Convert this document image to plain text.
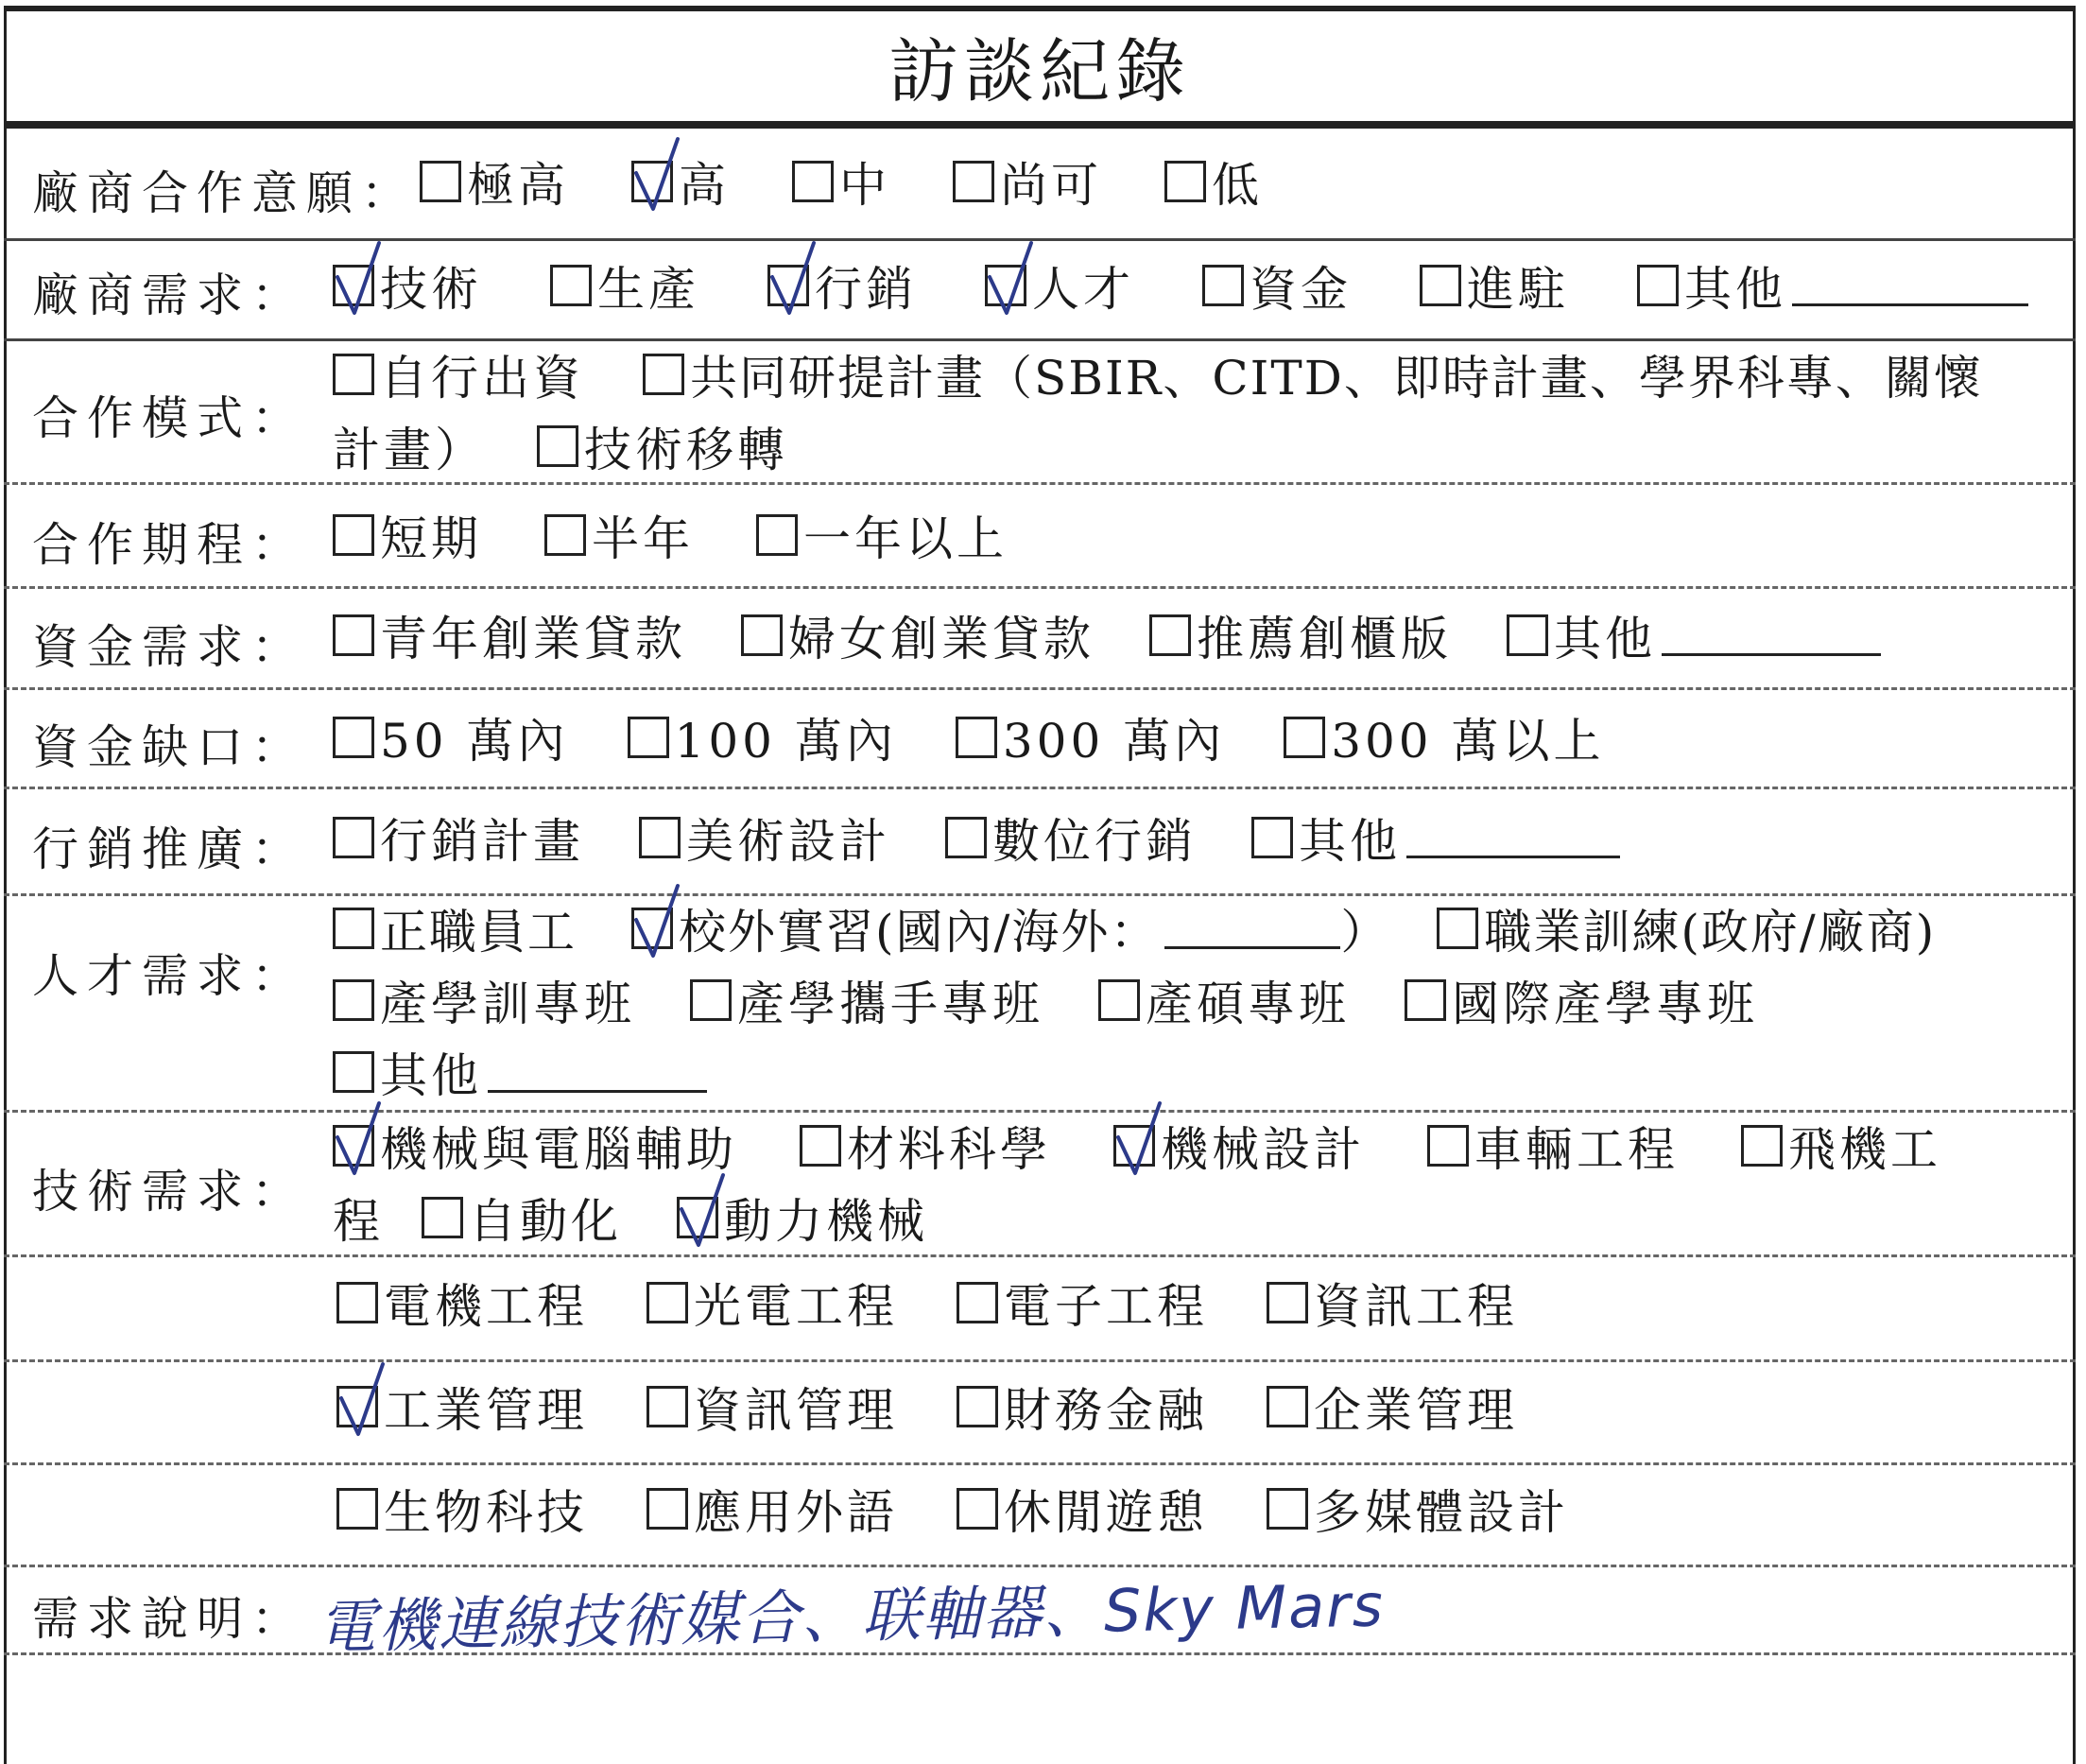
訪談紀錄
廠商合作意願：
廠商需求：
合作模式：
合作期程：
資金需求：
資金缺口：
行銷推廣：
人才需求：
技術需求：
需求說明：
極高 高 中 尚可 低
技術 生產 行銷 人才 資金 進駐 其他
自行出資 共同研提計畫（SBIR、CITD、即時計畫、學界科專、關懷
計畫） 技術移轉
短期 半年 一年以上
青年創業貸款 婦女創業貸款 推薦創櫃版 其他
50 萬內 100 萬內 300 萬內 300 萬以上
行銷計畫 美術設計 數位行銷 其他
正職員工 校外實習(國內/海外：	） 職業訓練(政府/廠商)
產學訓專班 產學攜手專班 產碩專班 國際產學專班
其他
機械與電腦輔助 材料科學 機械設計 車輛工程 飛機工
程 自動化 動力機械
電機工程 光電工程 電子工程 資訊工程
工業管理 資訊管理 財務金融 企業管理
生物科技 應用外語 休閒遊憩 多媒體設計
電機連線技術媒合、联軸器、Sky Mars
